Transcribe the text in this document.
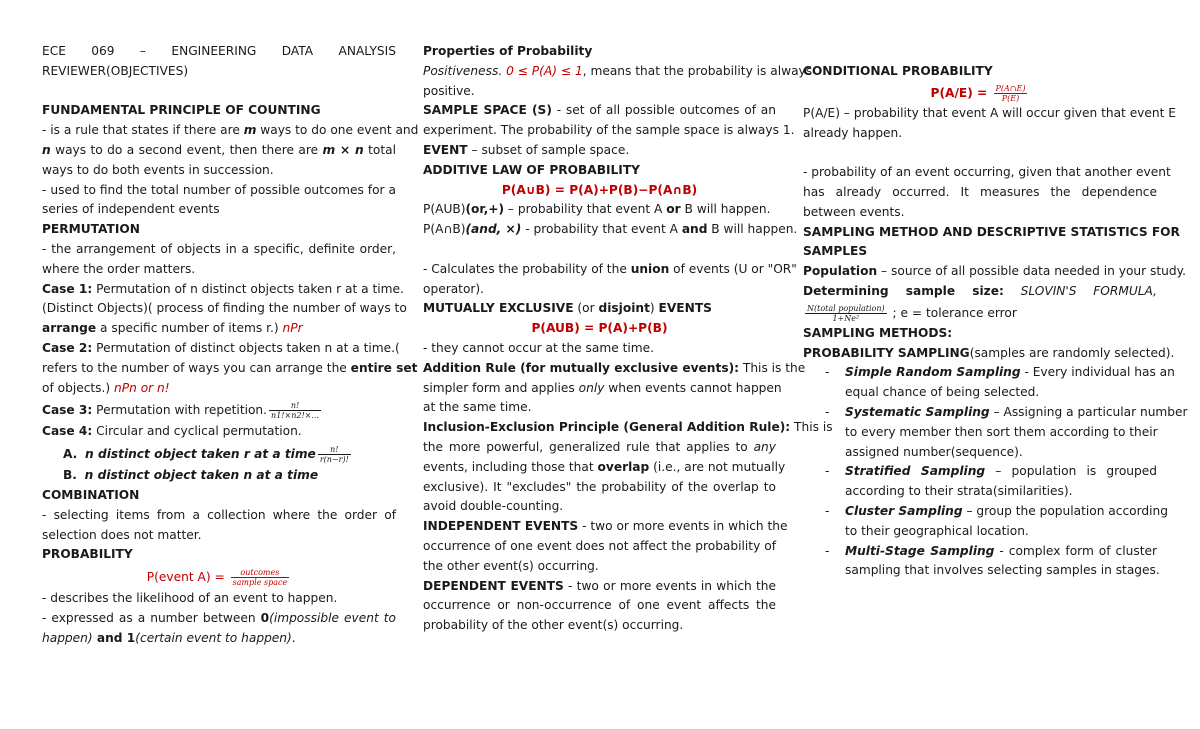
ECE 069 – ENGINEERING DATA ANALYSIS
REVIEWER(OBJECTIVES)
FUNDAMENTAL PRINCIPLE OF COUNTING
- is a rule that states if there are m ways to do one event and
n ways to do a second event, then there are m × n total
ways to do both events in succession.
- used to find the total number of possible outcomes for a
series of independent events
PERMUTATION
- the arrangement of objects in a specific, definite order,
where the order matters.
Case 1: Permutation of n distinct objects taken r at a time.
(Distinct Objects)( process of finding the number of ways to
arrange a specific number of items r.) nPr
Case 2: Permutation of distinct objects taken n at a time.(
refers to the number of ways you can arrange the entire set
of objects.) nPn or n!
Case 3: Permutation with repetition. $\frac{n!}{n1!\times n2!\times...}$
Case 4: Circular and cyclical permutation.
A. n distinct object taken r at a time $\frac{n!}{r(n-r)!}$
B. n distinct object taken n at a time
COMBINATION
- selecting items from a collection where the order of
selection does not matter.
PROBABILITY
P(event $A) = \frac{\text{outcomes}}{\text{sample space}}$
- describes the likelihood of an event to happen.
- expressed as a number between 0(impossible event to
happen) and 1(certain event to happen).
Properties of Probability
Positiveness. 0 ≤ P(A) ≤ 1, means that the probability is always
positive.
SAMPLE SPACE (S) - set of all possible outcomes of an
experiment. The probability of the sample space is always 1.
EVENT – subset of sample space.
ADDITIVE LAW OF PROBABILITY
P(A∪B) = P(A)+P(B)−P(A∩B)
P(AUB)(or,+) – probability that event A or B will happen.
P(A∩B)(and, ×) - probability that event A and B will happen.
- Calculates the probability of the union of events (U or "OR"
operator).
MUTUALLY EXCLUSIVE (or disjoint) EVENTS
P(AUB) = P(A)+P(B)
- they cannot occur at the same time.
Addition Rule (for mutually exclusive events): This is the
simpler form and applies only when events cannot happen
at the same time.
Inclusion-Exclusion Principle (General Addition Rule): This is
the more powerful, generalized rule that applies to any
events, including those that overlap (i.e., are not mutually
exclusive). It "excludes" the probability of the overlap to
avoid double-counting.
INDEPENDENT EVENTS - two or more events in which the
occurrence of one event does not affect the probability of
the other event(s) occurring.
DEPENDENT EVENTS - two or more events in which the
occurrence or non-occurrence of one event affects the
probability of the other event(s) occurring.
CONDITIONAL PROBABILITY
$P(A/E) = \frac{P(A\cap E)}{P(E)}$
P(A/E) – probability that event A will occur given that event E
already happen.
- probability of an event occurring, given that another event
has already occurred. It measures the dependence
between events.
SAMPLING METHOD AND DESCRIPTIVE STATISTICS FOR
SAMPLES
Population – source of all possible data needed in your study.
Determining sample size: SLOVIN'S FORMULA,
$\frac{\text{N(total population)}}{\text{1+Ne²}}$ ; e = tolerance error
SAMPLING METHODS:
PROBABILITY SAMPLING(samples are randomly selected).
- Simple Random Sampling - Every individual has an
equal chance of being selected.
- Systematic Sampling – Assigning a particular number
to every member then sort them according to their
assigned number(sequence).
- Stratified Sampling – population is grouped
according to their strata(similarities).
- Cluster Sampling – group the population according
to their geographical location.
- Multi-Stage Sampling - complex form of cluster
sampling that involves selecting samples in stages.
